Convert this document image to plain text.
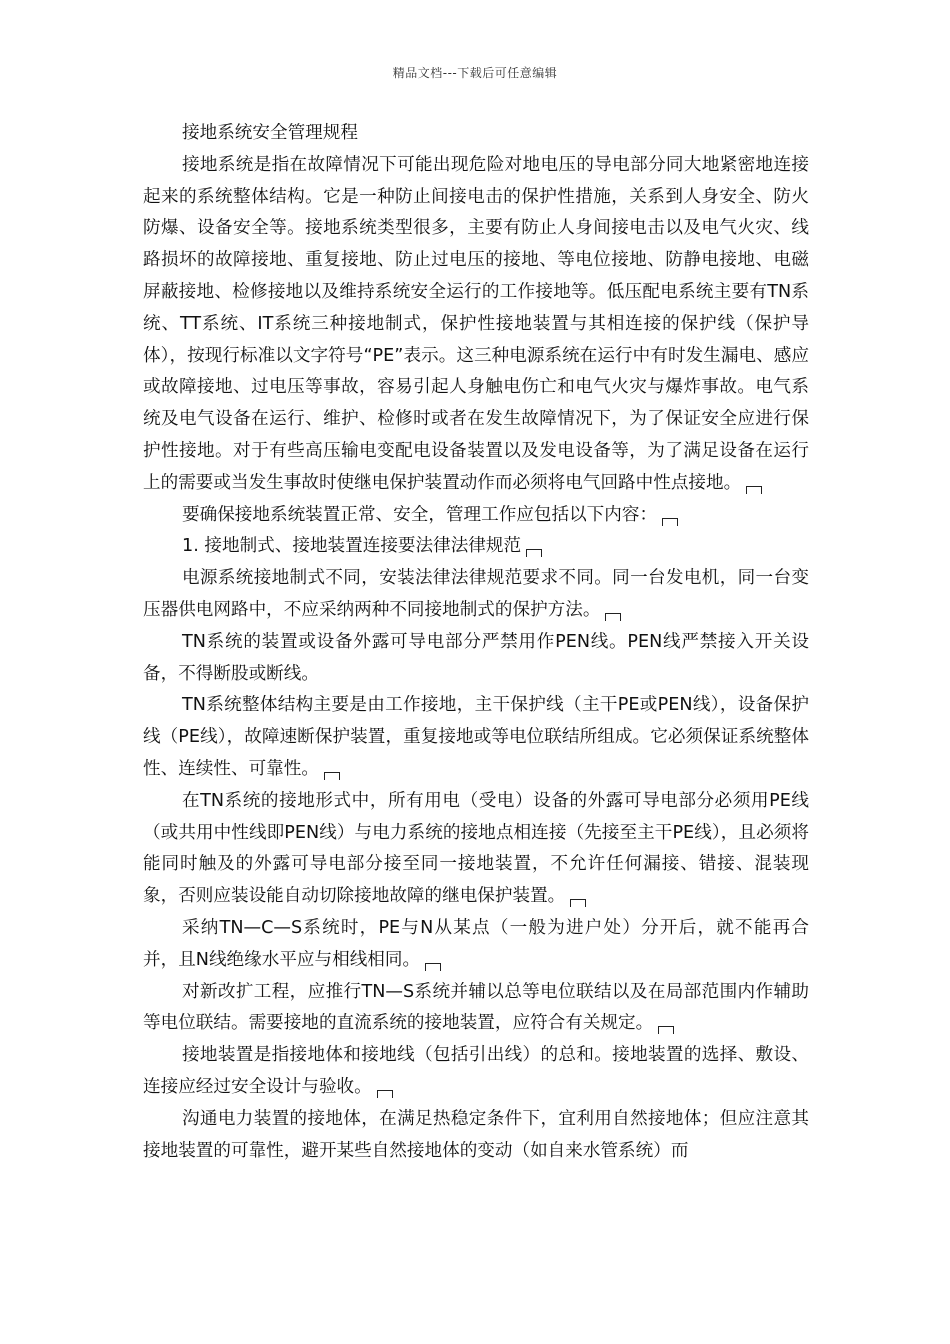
精品文档---下载后可任意编辑
接地系统安全管理规程

接地系统是指在故障情况下可能出现危险对地电压的导电部分同大地紧密地连接起来的系统整体结构。它是一种防止间接电击的保护性措施，关系到人身安全、防火防爆、设备安全等。接地系统类型很多，主要有防止人身间接电击以及电气火灾、线路损坏的故障接地、重复接地、防止过电压的接地、等电位接地、防静电接地、电磁屏蔽接地、检修接地以及维持系统安全运行的工作接地等。低压配电系统主要有TN系统、TT系统、IT系统三种接地制式，保护性接地装置与其相连接的保护线（保护导体），按现行标准以文字符号“PE”表示。这三种电源系统在运行中有时发生漏电、感应或故障接地、过电压等事故，容易引起人身触电伤亡和电气火灾与爆炸事故。电气系统及电气设备在运行、维护、检修时或者在发生故障情况下，为了保证安全应进行保护性接地。对于有些高压输电变配电设备装置以及发电设备等，为了满足设备在运行上的需要或当发生事故时使继电保护装置动作而必须将电气回路中性点接地。

要确保接地系统装置正常、安全，管理工作应包括以下内容：

1. 接地制式、接地装置连接要法律法律规范

电源系统接地制式不同，安装法律法律规范要求不同。同一台发电机，同一台变压器供电网路中，不应采纳两种不同接地制式的保护方法。

TN系统的装置或设备外露可导电部分严禁用作PEN线。PEN线严禁接入开关设备，不得断股或断线。

TN系统整体结构主要是由工作接地，主干保护线（主干PE或PEN线），设备保护线（PE线），故障速断保护装置，重复接地或等电位联结所组成。它必须保证系统整体性、连续性、可靠性。

在TN系统的接地形式中，所有用电（受电）设备的外露可导电部分必须用PE线（或共用中性线即PEN线）与电力系统的接地点相连接（先接至主干PE线），且必须将能同时触及的外露可导电部分接至同一接地装置，不允许任何漏接、错接、混装现象，否则应装设能自动切除接地故障的继电保护装置。

采纳TN—C—S系统时，PE与N从某点（一般为进户处）分开后，就不能再合并，且N线绝缘水平应与相线相同。

对新改扩工程，应推行TN—S系统并辅以总等电位联结以及在局部范围内作辅助等电位联结。需要接地的直流系统的接地装置，应符合有关规定。

接地装置是指接地体和接地线（包括引出线）的总和。接地装置的选择、敷设、连接应经过安全设计与验收。

沟通电力装置的接地体，在满足热稳定条件下，宜利用自然接地体；但应注意其接地装置的可靠性，避开某些自然接地体的变动（如自来水管系统）而
